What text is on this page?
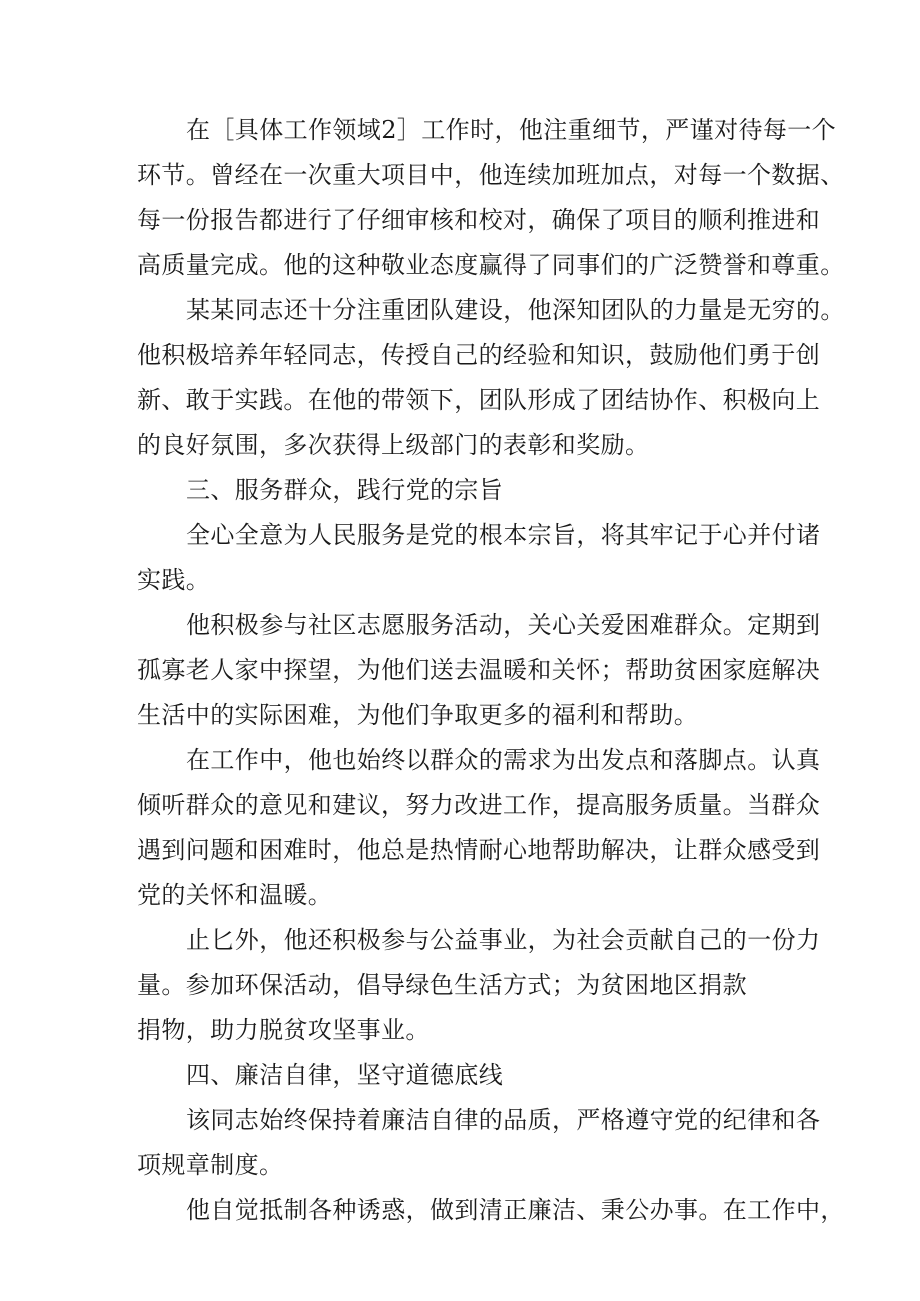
在［具体工作领域2］工作时，他注重细节，严谨对待每一个
环节。曾经在一次重大项目中，他连续加班加点，对每一个数据、
每一份报告都进行了仔细审核和校对，确保了项目的顺利推进和
高质量完成。他的这种敬业态度赢得了同事们的广泛赞誉和尊重。
某某同志还十分注重团队建设，他深知团队的力量是无穷的。
他积极培养年轻同志，传授自己的经验和知识，鼓励他们勇于创
新、敢于实践。在他的带领下，团队形成了团结协作、积极向上
的良好氛围，多次获得上级部门的表彰和奖励。
三、服务群众，践行党的宗旨
全心全意为人民服务是党的根本宗旨，将其牢记于心并付诸
实践。
他积极参与社区志愿服务活动，关心关爱困难群众。定期到
孤寡老人家中探望，为他们送去温暖和关怀；帮助贫困家庭解决
生活中的实际困难，为他们争取更多的福利和帮助。
在工作中，他也始终以群众的需求为出发点和落脚点。认真
倾听群众的意见和建议，努力改进工作，提高服务质量。当群众
遇到问题和困难时，他总是热情耐心地帮助解决，让群众感受到
党的关怀和温暖。
止匕外，他还积极参与公益事业，为社会贡献自己的一份力
量。参加环保活动，倡导绿色生活方式；为贫困地区捐款
捐物，助力脱贫攻坚事业。
四、廉洁自律，坚守道德底线
该同志始终保持着廉洁自律的品质，严格遵守党的纪律和各
项规章制度。
他自觉抵制各种诱惑，做到清正廉洁、秉公办事。在工作中，
